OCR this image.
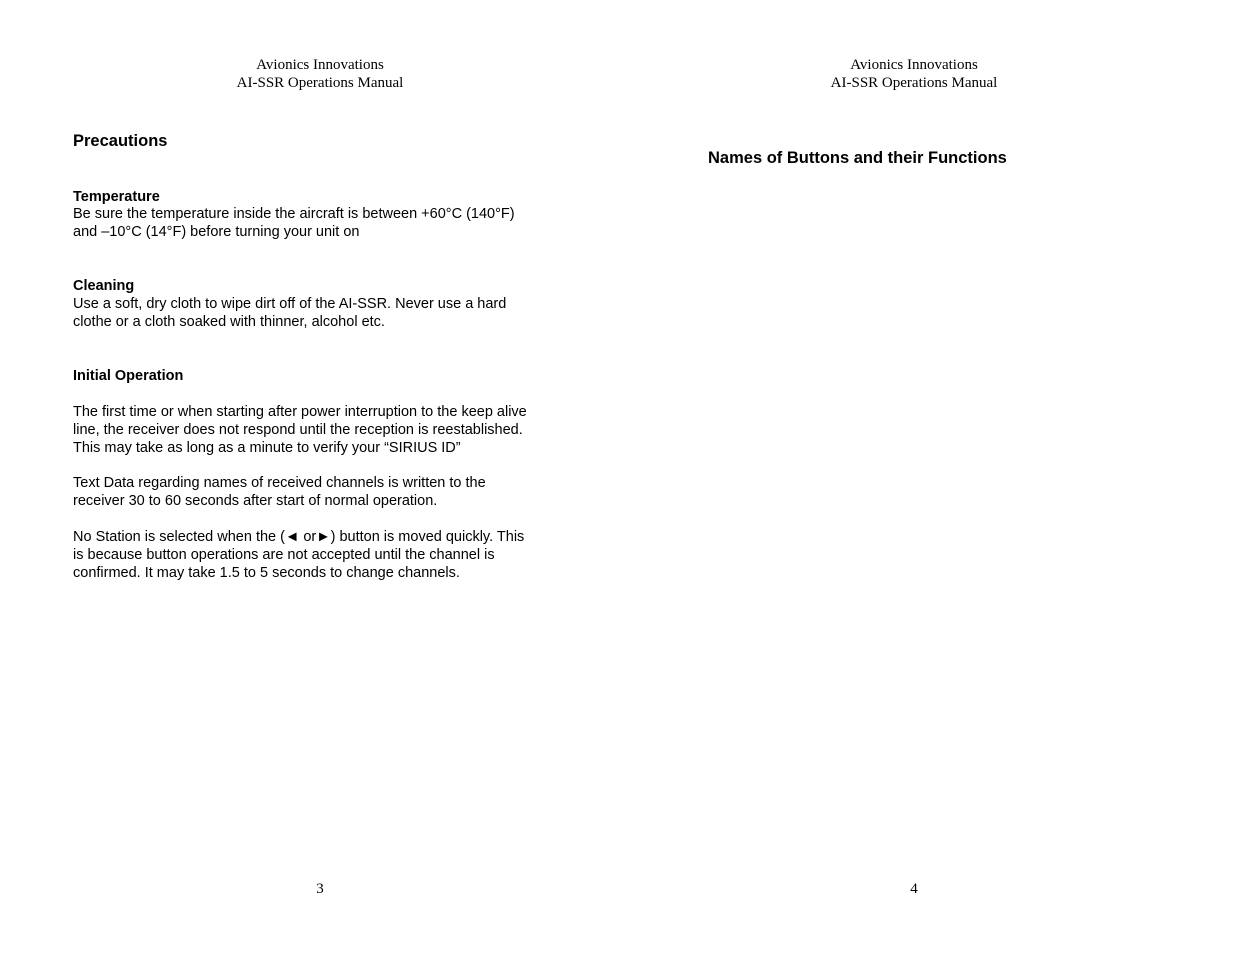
Avionics Innovations
AI-SSR Operations Manual
Precautions
Temperature
Be sure the temperature inside the aircraft is between +60°C (140°F)
and –10°C (14°F) before turning your unit on
Cleaning
Use a soft, dry cloth to wipe dirt off of the AI-SSR. Never use a hard
clothe or a cloth soaked with thinner, alcohol etc.
Initial Operation
The first time or when starting after power interruption to the keep alive
line, the receiver does not respond until the reception is reestablished.
This may take as long as a minute to verify your “SIRIUS ID”
Text Data regarding names of received channels is written to the
receiver 30 to 60 seconds after start of normal operation.
No Station is selected when the (◄ or►) button is moved quickly. This
is because button operations are not accepted until the channel is
confirmed. It may take 1.5 to 5 seconds to change channels.
3
Avionics Innovations
AI-SSR Operations Manual
Names of Buttons and their Functions
4
